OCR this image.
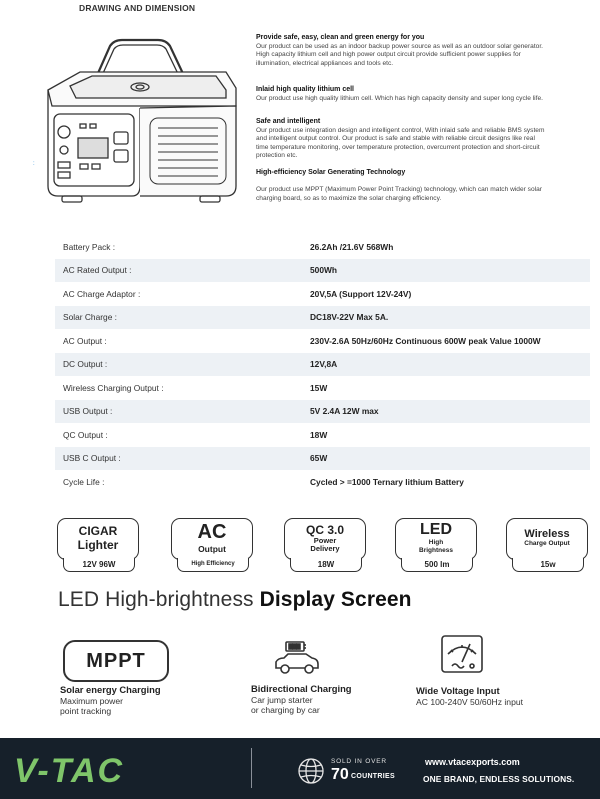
DRAWING AND DIMENSION
:
Provide safe, easy, clean and green energy for you

Our product can be used as an indoor backup power source as well as an outdoor solar generator.

High capacity lithium cell and high power output circuit provide sufficient power supplies for

illumination, electrical appliances and tools etc.

Inlaid high quality lithium cell

Our product use high quality lithium cell. Which has high capacity density and super long cycle life.

Safe and intelligent

Our product use integration design and intelligent control, With inlaid safe and reliable BMS system

and intelligent output control. Our product is safe and stable with reliable circuit designs like real

time temperature monitoring, over temperature protection, overcurrent protection and short-circuit

protection etc.

High-efficiency Solar Generating Technology

Our product use MPPT (Maximum Power Point Tracking) technology, which can match wider solar

charging board, so as to maximize the solar charging efficiency.

Battery Pack :	26.2Ah /21.6V 568Wh
AC Rated Output :	500Wh
AC Charge Adaptor :	20V,5A (Support 12V-24V)
Solar Charge :	DC18V-22V Max 5A.
AC Output :	230V-2.6A 50Hz/60Hz Continuous 600W peak Value 1000W
DC Output :	12V,8A
Wireless Charging Output :	15W
USB Output :	5V 2.4A 12W max
QC Output :	18W
USB C Output :	65W
Cycle Life :	Cycled > =1000 Ternary lithium Battery
CIGAR
Lighter
12V 96W
AC
Output
High Efficiency
QC 3.0
Power Delivery
18W
LED
High Brightness
500 lm
Wireless
Charge Output
15w
LED High-brightness Display Screen
MPPT
Solar energy Charging
Maximum power
point tracking
Bidirectional Charging
Car jump starter
or charging by car
Wide Voltage Input
AC 100-240V 50/60Hz input
V-TAC	SOLD IN OVER
70 COUNTRIES
www.vtacexports.com
ONE BRAND, ENDLESS SOLUTIONS.
